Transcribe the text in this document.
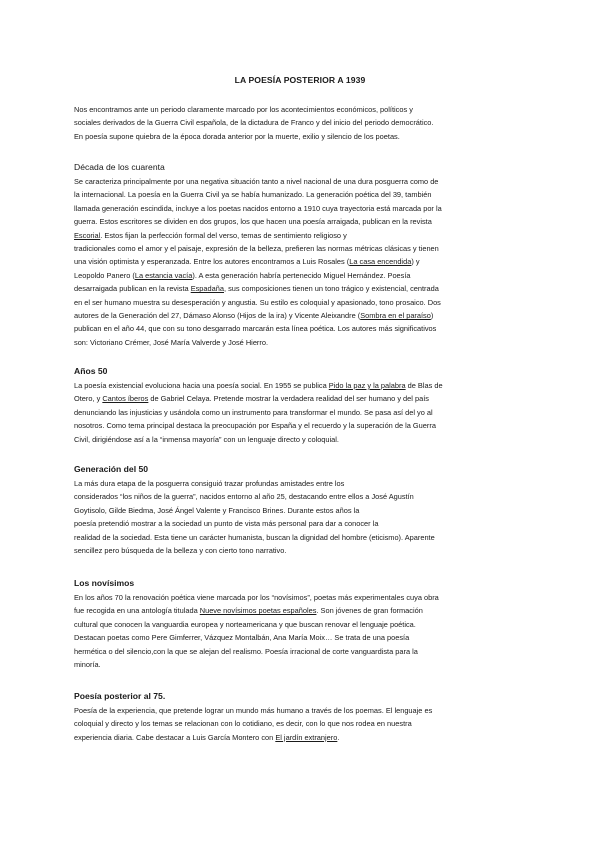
LA POESÍA POSTERIOR A 1939
Nos encontramos ante un periodo claramente marcado por los acontecimientos económicos, políticos y
sociales derivados de la Guerra Civil española, de la dictadura de Franco y del inicio del periodo democrático.
En poesía supone quiebra de la época dorada anterior por la muerte, exilio y silencio de los poetas.
Década de los cuarenta
Se caracteriza principalmente por una negativa situación tanto a nivel nacional de una dura posguerra como de
la internacional. La poesía en la Guerra Civil ya se había humanizado. La generación poética del 39, también
llamada generación escindida, incluye a los poetas nacidos entorno a 1910 cuya trayectoria está marcada por la
guerra. Estos escritores se dividen en dos grupos, los que hacen una poesía arraigada, publican en la revista
Escorial. Estos fijan la perfección formal del verso, temas de sentimiento religioso y
tradicionales como el amor y el paisaje, expresión de la belleza, prefieren las normas métricas clásicas y tienen
una visión optimista y esperanzada. Entre los autores encontramos a Luis Rosales (La casa encendida) y
Leopoldo Panero (La estancia vacía). A esta generación habría pertenecido Miguel Hernández. Poesía
desarraigada publican en la revista Espadaña, sus composiciones tienen un tono trágico y existencial, centrada
en el ser humano muestra su desesperación y angustia. Su estilo es coloquial y apasionado, tono prosaico. Dos
autores de la Generación del 27, Dámaso Alonso (Hijos de la ira) y Vicente Aleixandre (Sombra en el paraíso)
publican en el año 44, que con su tono desgarrado marcarán esta línea poética. Los autores más significativos
son: Victoriano Crémer, José María Valverde y José Hierro.
Años 50
La poesía existencial evoluciona hacia una poesía social. En 1955 se publica Pido la paz y la palabra de Blas de
Otero, y Cantos íberos de Gabriel Celaya. Pretende mostrar la verdadera realidad del ser humano y del país
denunciando las injusticias y usándola como un instrumento para transformar el mundo. Se pasa así del yo al
nosotros. Como tema principal destaca la preocupación por España y el recuerdo y la superación de la Guerra
Civil, dirigiéndose así a la “inmensa mayoría” con un lenguaje directo y coloquial.
Generación del 50
La más dura etapa de la posguerra consiguió trazar profundas amistades entre los
considerados “los niños de la guerra”, nacidos entorno al año 25, destacando entre ellos a José Agustín
Goytisolo, Gilde Biedma, José Ángel Valente y Francisco Brines. Durante estos años la
poesía pretendió mostrar a la sociedad un punto de vista más personal para dar a conocer la
realidad de la sociedad. Esta tiene un carácter humanista, buscan la dignidad del hombre (eticismo). Aparente
sencillez pero búsqueda de la belleza y con cierto tono narrativo.
Los novísimos
En los años 70 la renovación poética viene marcada por los “novísimos”, poetas más experimentales cuya obra
fue recogida en una antología titulada Nueve novísimos poetas españoles. Son jóvenes de gran formación
cultural que conocen la vanguardia europea y norteamericana y que buscan renovar el lenguaje poética.
Destacan poetas como Pere Gimferrer, Vázquez Montalbán, Ana María Moix… Se trata de una poesía
hermética o del silencio,con la que se alejan del realismo. Poesía irracional de corte vanguardista para la
minoría.
Poesía posterior al 75.
Poesía de la experiencia, que pretende lograr un mundo más humano a través de los poemas. El lenguaje es
coloquial y directo y los temas se relacionan con lo cotidiano, es decir, con lo que nos rodea en nuestra
experiencia diaria. Cabe destacar a Luis García Montero con El jardín extranjero.
